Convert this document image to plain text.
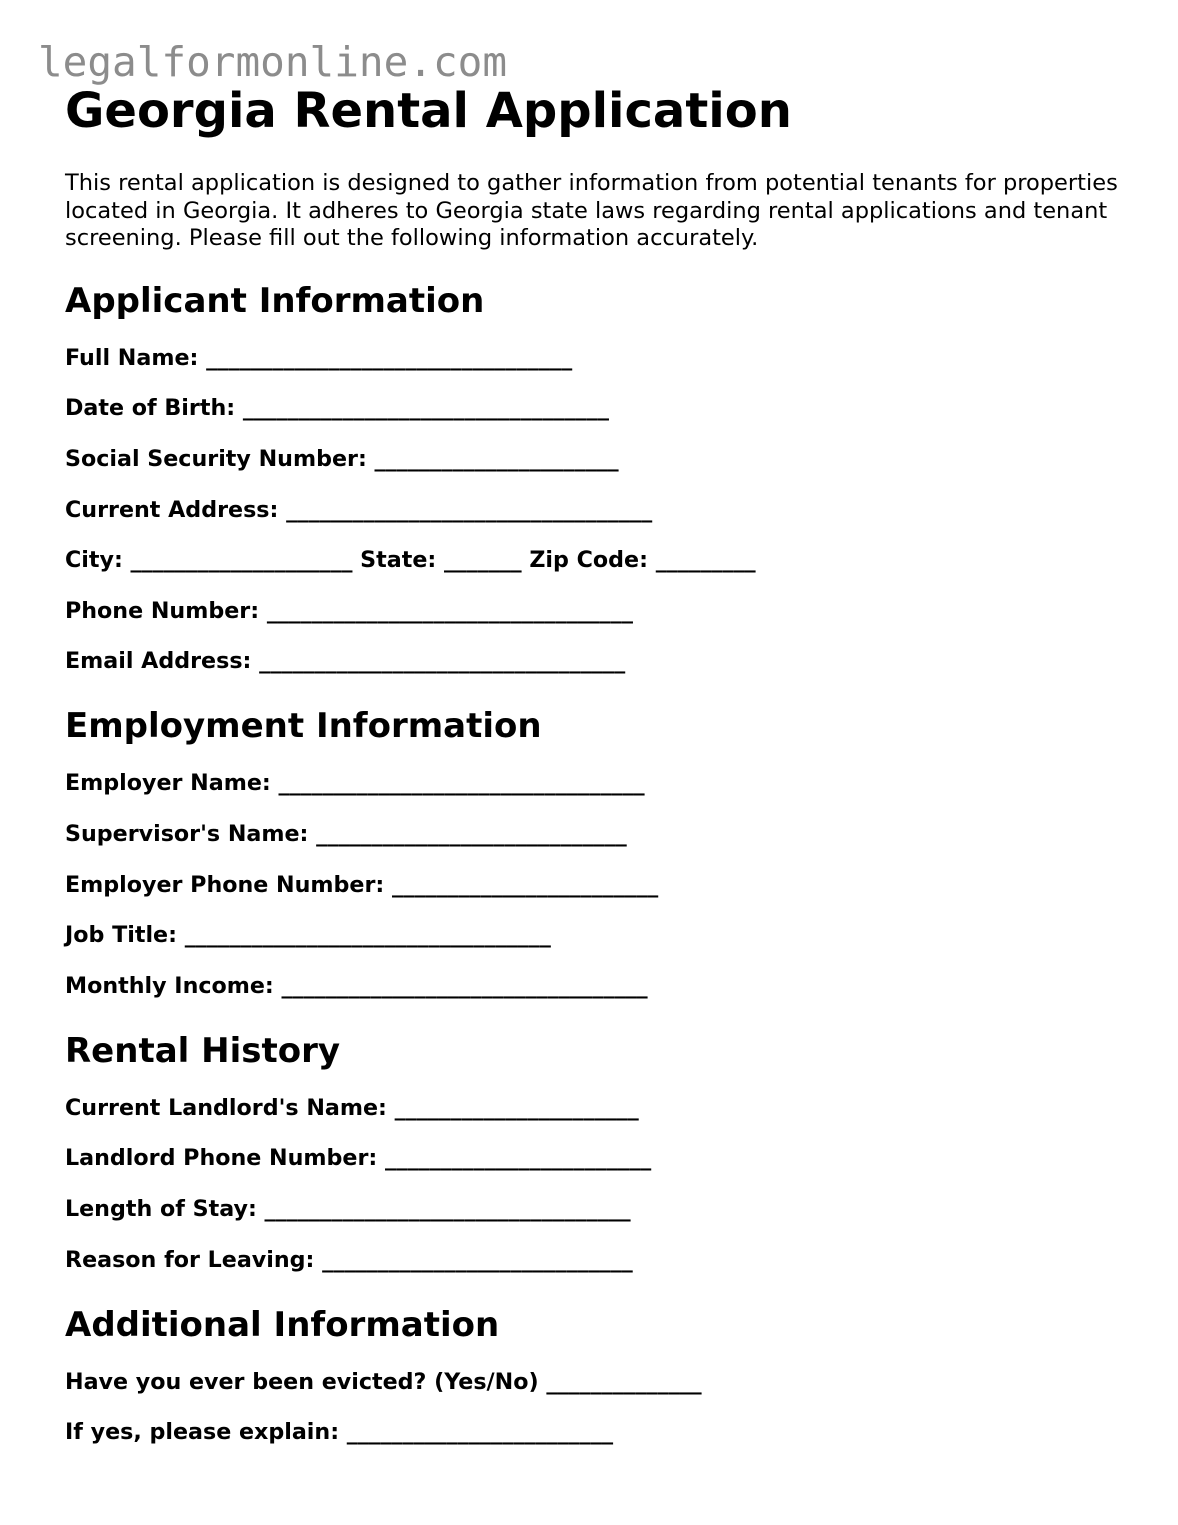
legalformonline.com
Georgia Rental Application

This rental application is designed to gather information from potential tenants for properties located in Georgia. It adheres to Georgia state laws regarding rental applications and tenant screening. Please fill out the following information accurately.

Applicant Information
Full Name: _________________________________
Date of Birth: _________________________________
Social Security Number: ______________________
Current Address: _________________________________
City: ____________________ State: _______ Zip Code: _________
Phone Number: _________________________________
Email Address: _________________________________
Employment Information
Employer Name: _________________________________
Supervisor's Name: ____________________________
Employer Phone Number: ________________________
Job Title: _________________________________
Monthly Income: _________________________________
Rental History
Current Landlord's Name: ______________________
Landlord Phone Number: ________________________
Length of Stay: _________________________________
Reason for Leaving: ____________________________
Additional Information
Have you ever been evicted? (Yes/No) ______________
If yes, please explain: ________________________
